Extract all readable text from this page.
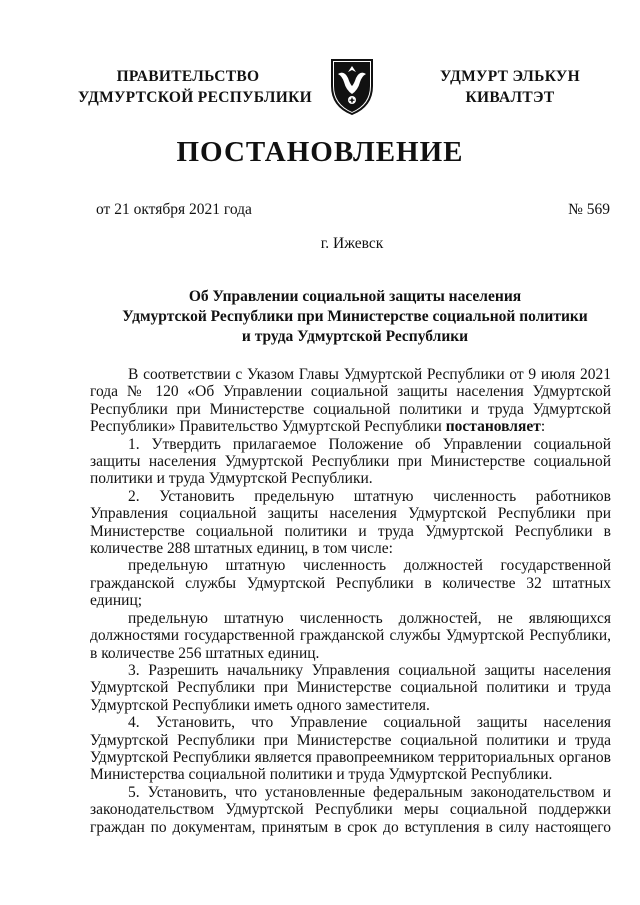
ПРАВИТЕЛЬСТВО
УДМУРТСКОЙ РЕСПУБЛИКИ
УДМУРТ ЭЛЬКУН
КИВАЛТЭТ
ПОСТАНОВЛЕНИЕ
от 21 октября 2021 года	№ 569
г. Ижевск
Об Управлении социальной защиты населения
Удмуртской Республики при Министерстве социальной политики
и труда Удмуртской Республики

В соответствии с Указом Главы Удмуртской Республики от 9 июля 2021 года № 120 «Об Управлении социальной защиты населения Удмуртской Республики при Министерстве социальной политики и труда Удмуртской Республики» Правительство Удмуртской Республики постановляет:

1. Утвердить прилагаемое Положение об Управлении социальной защиты населения Удмуртской Республики при Министерстве социальной политики и труда Удмуртской Республики.

2. Установить предельную штатную численность работников Управления социальной защиты населения Удмуртской Республики при Министерстве социальной политики и труда Удмуртской Республики в количестве 288 штатных единиц, в том числе:

предельную штатную численность должностей государственной гражданской службы Удмуртской Республики в количестве 32 штатных единиц;

предельную штатную численность должностей, не являющихся должностями государственной гражданской службы Удмуртской Республики, в количестве 256 штатных единиц.

3. Разрешить начальнику Управления социальной защиты населения Удмуртской Республики при Министерстве социальной политики и труда Удмуртской Республики иметь одного заместителя.

4. Установить, что Управление социальной защиты населения Удмуртской Республики при Министерстве социальной политики и труда Удмуртской Республики является правопреемником территориальных органов Министерства социальной политики и труда Удмуртской Республики.

5. Установить, что установленные федеральным законодательством и законодательством Удмуртской Республики меры социальной поддержки граждан по документам, принятым в срок до вступления в силу настоящего
